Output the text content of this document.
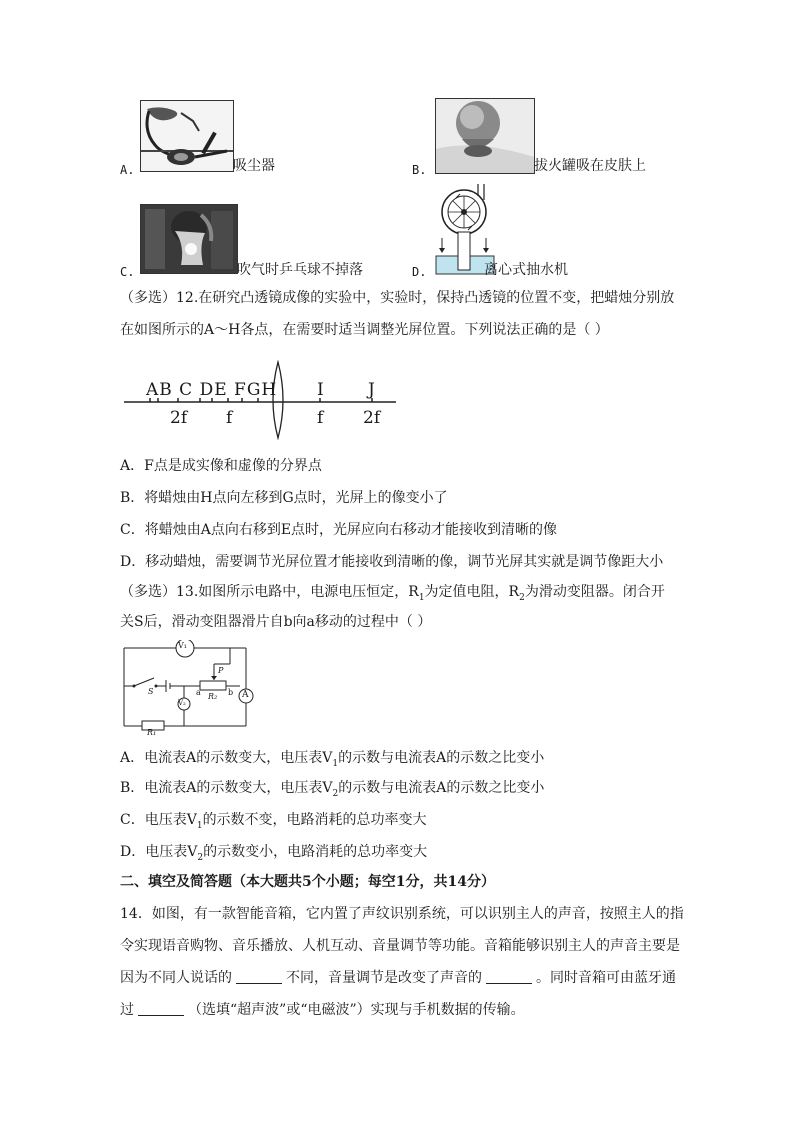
A.	吸尘器	B.	拔火罐吸在皮肤上
C.	吹气时乒乓球不掉落	D.	离心式抽水机
（多选）12.在研究凸透镜成像的实验中，实验时，保持凸透镜的位置不变，把蜡烛分别放
在如图所示的A～H各点，在需要时适当调整光屏位置。下列说法正确的是（ ）
AB C DE FGH I	J
2f f	f 2f
A．F点是成实像和虚像的分界点
B．将蜡烛由H点向左移到G点时，光屏上的像变小了
C．将蜡烛由A点向右移到E点时，光屏应向右移动才能接收到清晰的像
D．移动蜡烛，需要调节光屏位置才能接收到清晰的像，调节光屏其实就是调节像距大小
（多选）13.如图所示电路中，电源电压恒定，$R_1$为定值电阻，$R_2$为滑动变阻器。闭合开
关S后，滑动变阻器滑片自b向a移动的过程中（ ）
V₁
V₂
A
S
P
R₂
R₁
a	b
A．电流表A的示数变大，电压表$V_1$的示数与电流表A的示数之比变小
B．电流表A的示数变大，电压表$V_2$的示数与电流表A的示数之比变小
C．电压表$V_1$的示数不变，电路消耗的总功率变大
D．电压表$V_2$的示数变小，电路消耗的总功率变大
二、填空及简答题（本大题共5个小题；每空1分，共14分）
14．如图，有一款智能音箱，它内置了声纹识别系统，可以识别主人的声音，按照主人的指
令实现语音购物、音乐播放、人机互动、音量调节等功能。音箱能够识别主人的声音主要是
因为不同人说话的	不同，音量调节是改变了声音的	。同时音箱可由蓝牙通
过	（选填“超声波”或“电磁波”）实现与手机数据的传输。
